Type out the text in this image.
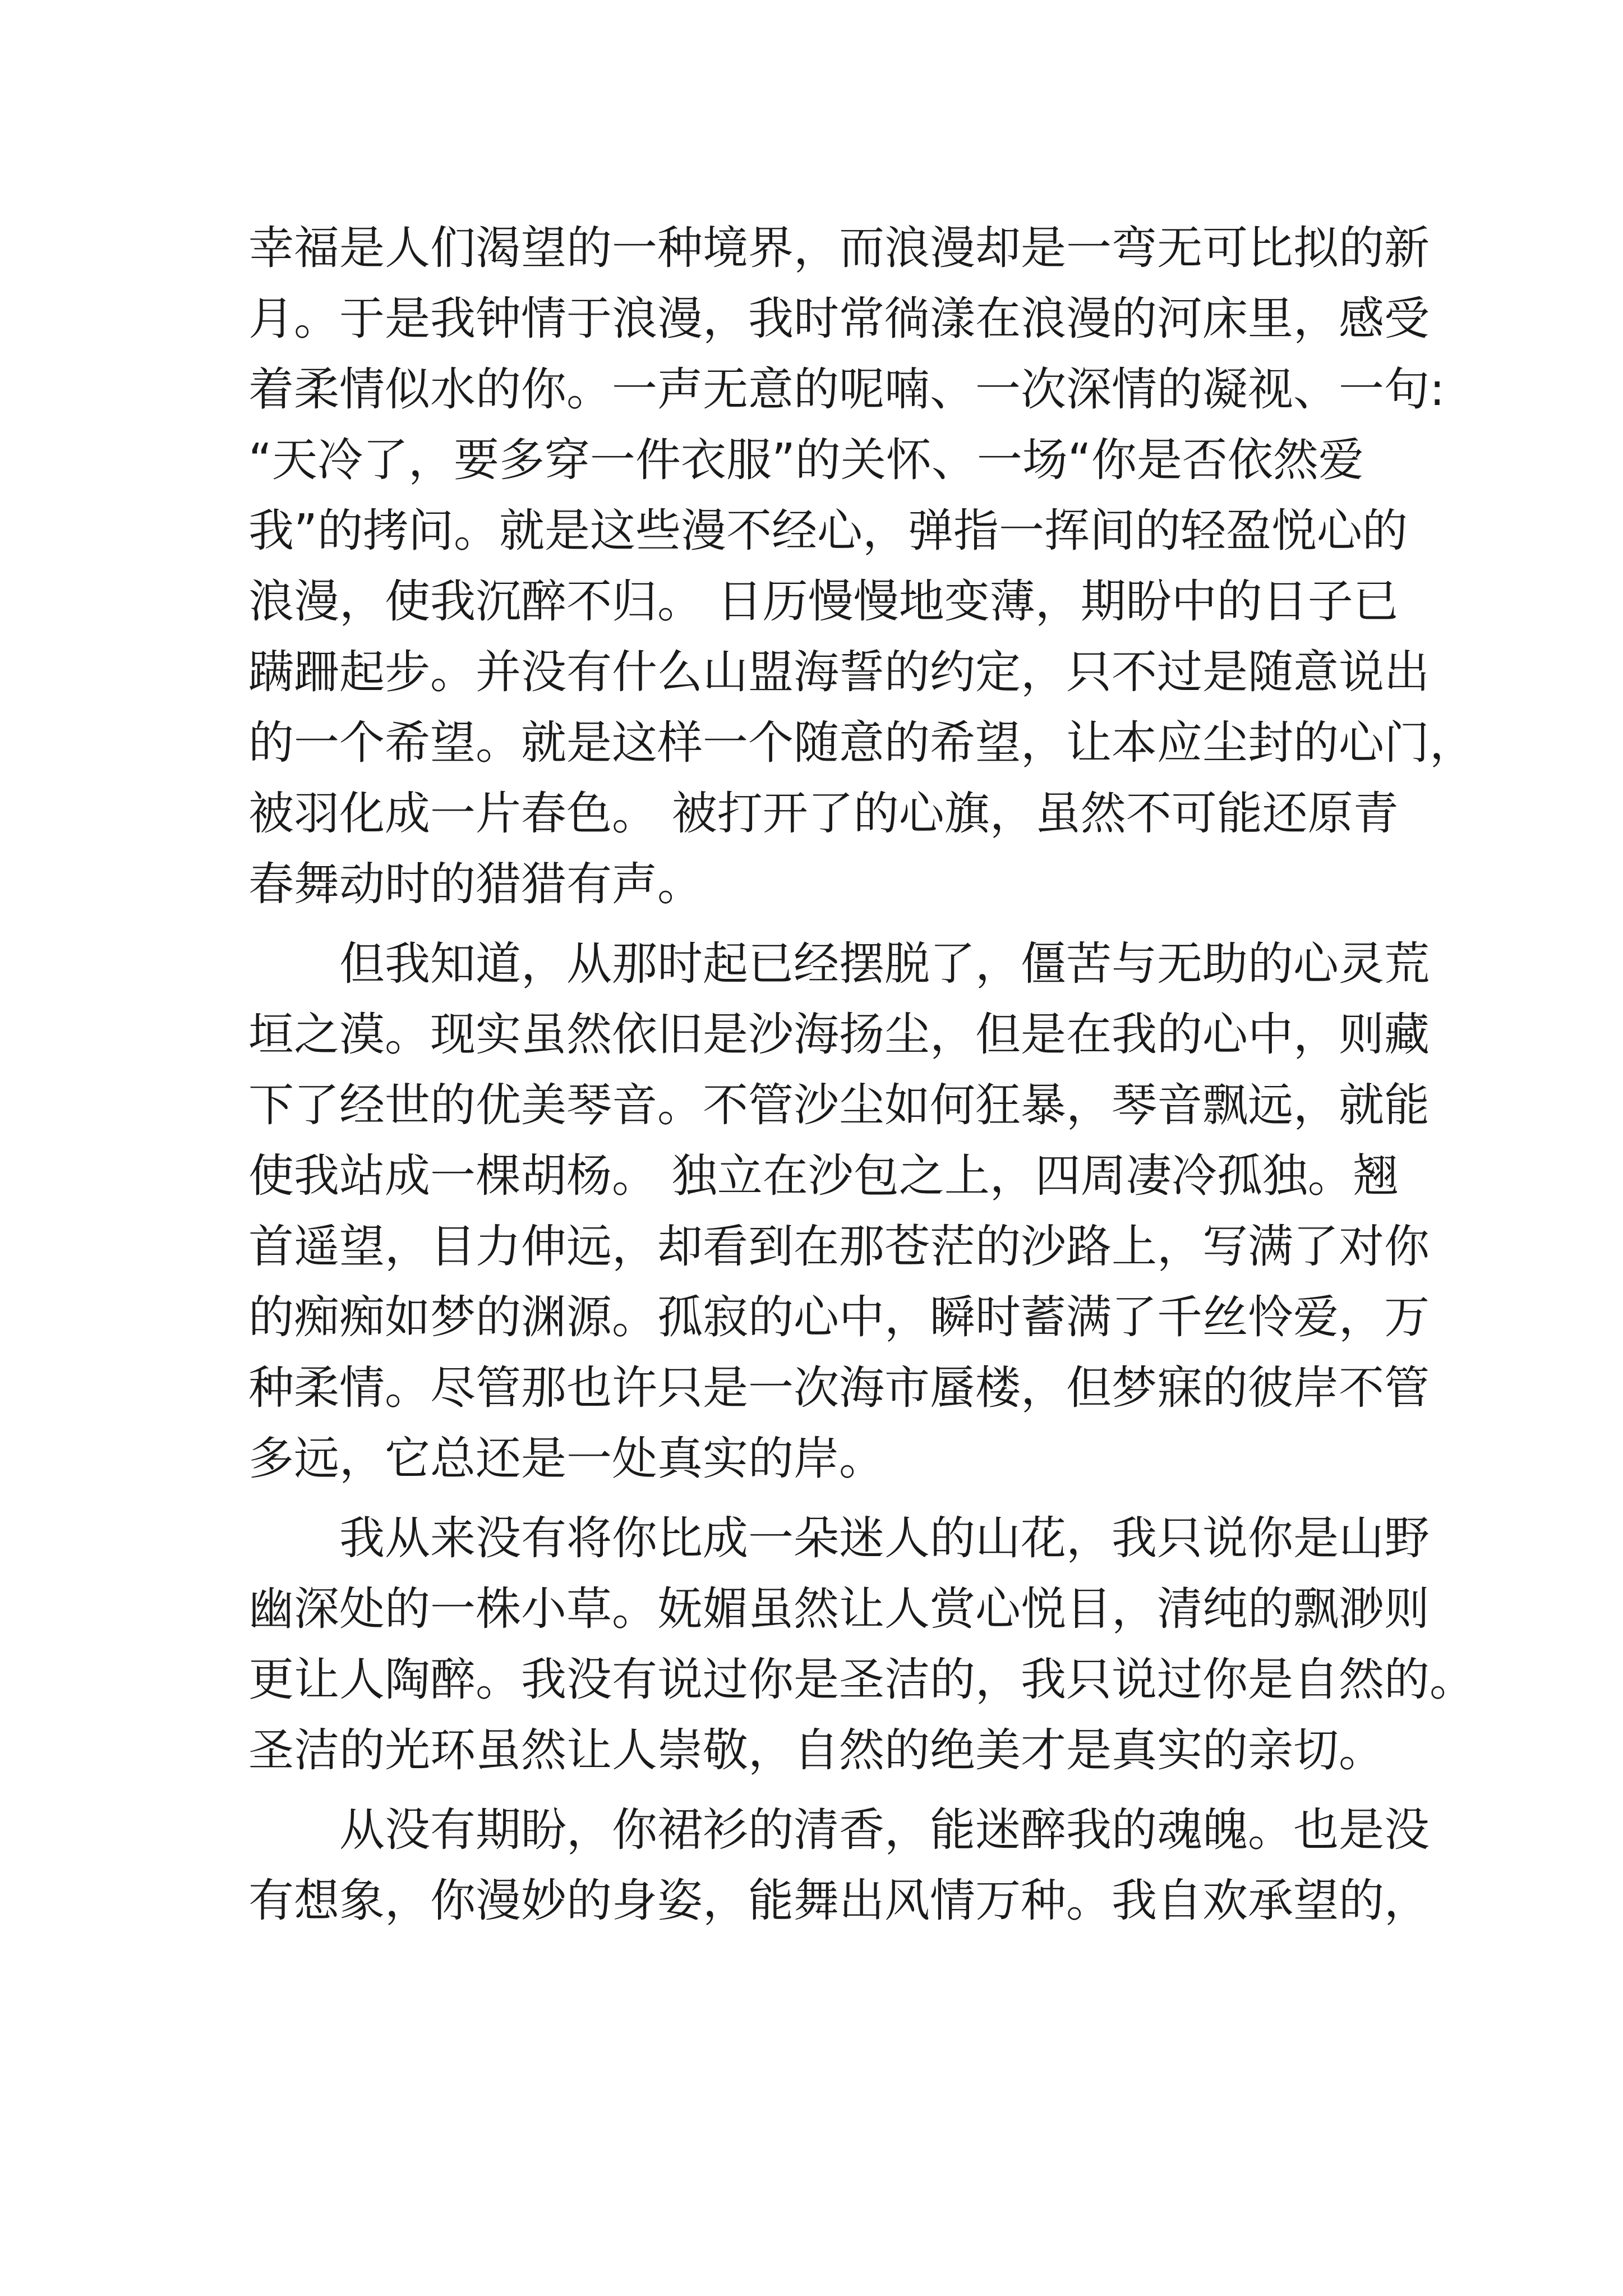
幸福是人们渴望的一种境界，而浪漫却是一弯无可比拟的新
月。于是我钟情于浪漫，我时常徜漾在浪漫的河床里，感受
着柔情似水的你。一声无意的呢喃、一次深情的凝视、一句:
“天冷了，要多穿一件衣服”的关怀、一场“你是否依然爱
我”的拷问。就是这些漫不经心，弹指一挥间的轻盈悦心的
浪漫，使我沉醉不归。 日历慢慢地变薄，期盼中的日子已
蹒跚起步。并没有什么山盟海誓的约定，只不过是随意说出
的一个希望。就是这样一个随意的希望，让本应尘封的心门，
被羽化成一片春色。 被打开了的心旗，虽然不可能还原青
春舞动时的猎猎有声。
　　但我知道，从那时起已经摆脱了，僵苦与无助的心灵荒
垣之漠。现实虽然依旧是沙海扬尘，但是在我的心中，则藏
下了经世的优美琴音。不管沙尘如何狂暴，琴音飘远，就能
使我站成一棵胡杨。 独立在沙包之上，四周凄冷孤独。翘
首遥望，目力伸远，却看到在那苍茫的沙路上，写满了对你
的痴痴如梦的渊源。孤寂的心中，瞬时蓄满了千丝怜爱，万
种柔情。尽管那也许只是一次海市蜃楼，但梦寐的彼岸不管
多远，它总还是一处真实的岸。
　　我从来没有将你比成一朵迷人的山花，我只说你是山野
幽深处的一株小草。妩媚虽然让人赏心悦目，清纯的飘渺则
更让人陶醉。我没有说过你是圣洁的，我只说过你是自然的。
圣洁的光环虽然让人崇敬，自然的绝美才是真实的亲切。
　　从没有期盼，你裙衫的清香，能迷醉我的魂魄。也是没
有想象，你漫妙的身姿，能舞出风情万种。我自欢承望的，
